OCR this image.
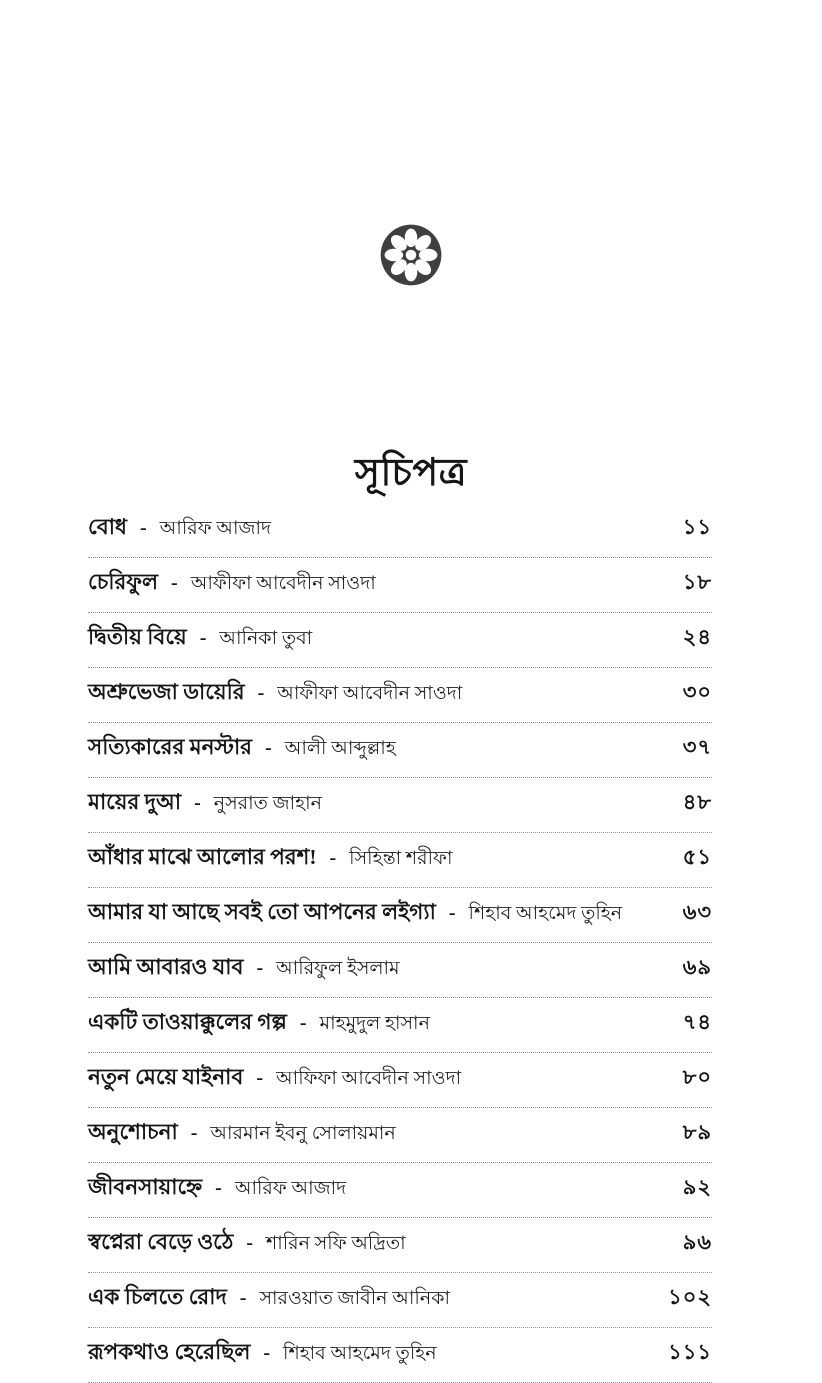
সূচিপত্র
বোধ - আরিফ আজাদ	১১
চেরিফুল - আফীফা আবেদীন সাওদা	১৮
দ্বিতীয় বিয়ে - আনিকা তুবা	২৪
অশ্রুভেজা ডায়েরি - আফীফা আবেদীন সাওদা	৩০
সত্যিকারের মনস্টার - আলী আব্দুল্লাহ	৩৭
মায়ের দুআ - নুসরাত জাহান	৪৮
আঁধার মাঝে আলোর পরশ! - সিহিন্তা শরীফা	৫১
আমার যা আছে সবই তো আপনের লইগ্যা - শিহাব আহমেদ তুহিন	৬৩
আমি আবারও যাব - আরিফুল ইসলাম	৬৯
একটি তাওয়াক্কুলের গল্প - মাহমুদুল হাসান	৭৪
নতুন মেয়ে যাইনাব - আফিফা আবেদীন সাওদা	৮০
অনুশোচনা - আরমান ইবনু সোলায়মান	৮৯
জীবনসায়াহ্নে - আরিফ আজাদ	৯২
স্বপ্নেরা বেড়ে ওঠে - শারিন সফি অদ্রিতা	৯৬
এক চিলতে রোদ - সারওয়াত জাবীন আনিকা	১০২
রূপকথাও হেরেছিল - শিহাব আহমেদ তুহিন	১১১
